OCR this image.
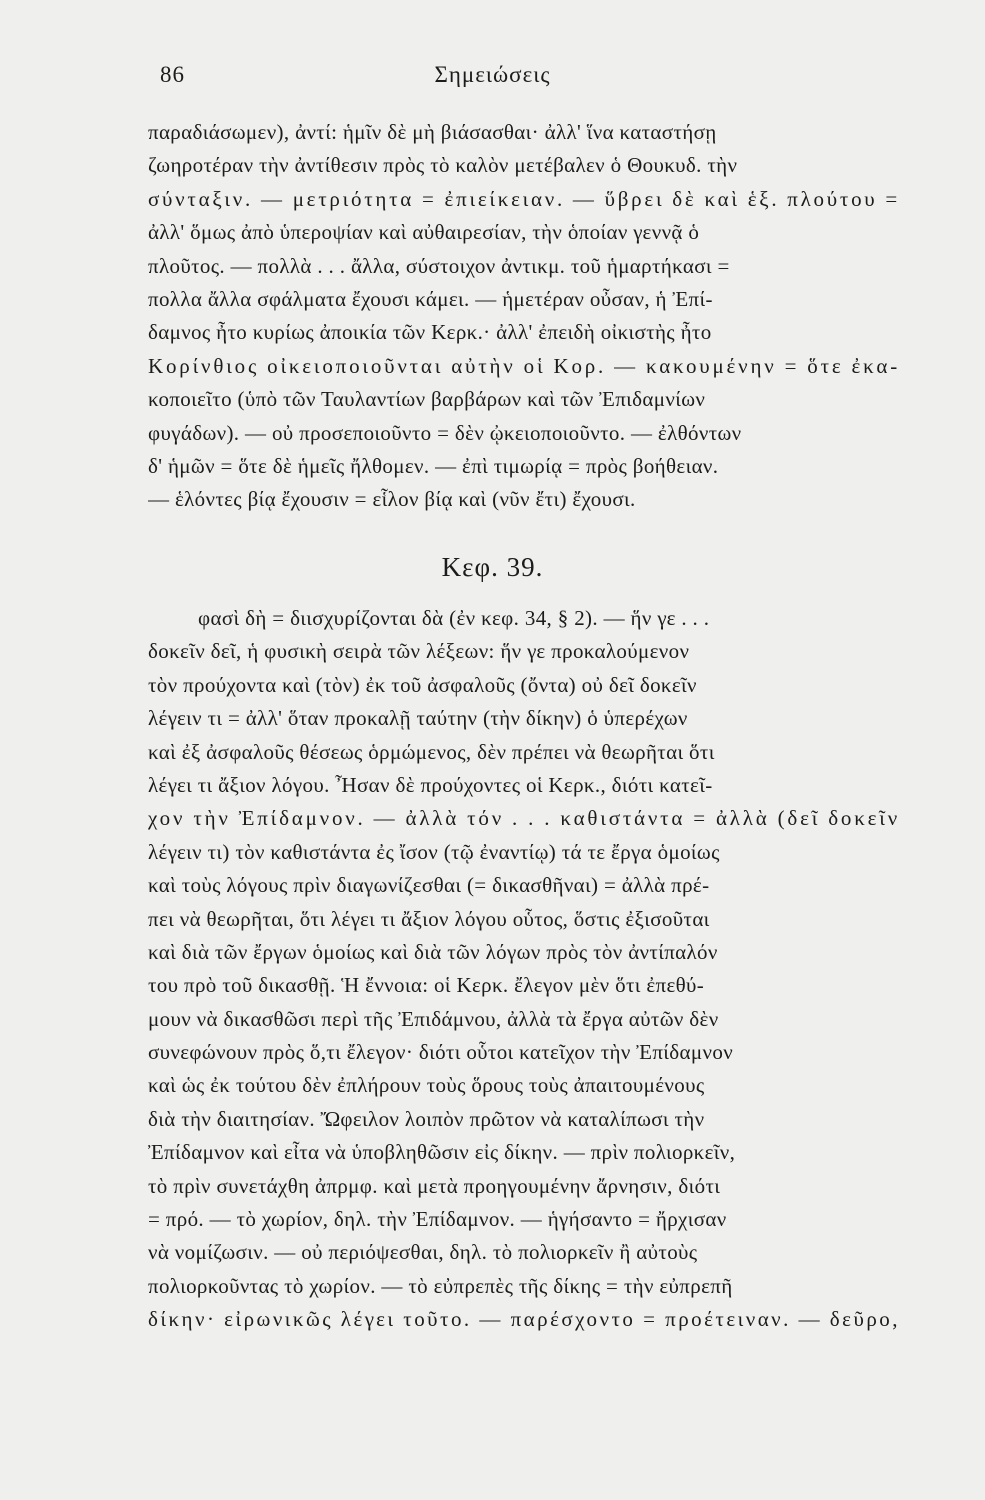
86	Σημειώσεις
παραδιάσωμεν), ἀντί: ἡμῖν δὲ μὴ βιάσασθαι· ἀλλ' ἵνα καταστήσῃ
ζωηροτέραν τὴν ἀντίθεσιν πρὸς τὸ καλὸν μετέβαλεν ὁ Θουκυδ. τὴν
σύνταξιν. — μετριότητα = ἐπιείκειαν. — ὕβρει δὲ καὶ ἑξ. πλούτου =
ἀλλ' ὅμως ἀπὸ ὑπεροψίαν καὶ αὐθαιρεσίαν, τὴν ὁποίαν γεννᾷ ὁ
πλοῦτος. — πολλὰ . . . ἄλλα, σύστοιχον ἀντικμ. τοῦ ἡμαρτήκασι =
πολλα ἄλλα σφάλματα ἔχουσι κάμει. — ἡμετέραν οὖσαν, ἡ Ἐπί-
δαμνος ἦτο κυρίως ἀποικία τῶν Κερκ.· ἀλλ' ἐπειδὴ οἰκιστὴς ἦτο
Κορίνθιος οἰκειοποιοῦνται αὐτὴν οἱ Κορ. — κακουμένην = ὅτε ἐκα-
κοποιεῖτο (ὑπὸ τῶν Ταυλαντίων βαρβάρων καὶ τῶν Ἐπιδαμνίων
φυγάδων). — οὐ προσεποιοῦντο = δὲν ᾠκειοποιοῦντο. — ἐλθόντων
δ' ἡμῶν = ὅτε δὲ ἡμεῖς ἤλθομεν. — ἐπὶ τιμωρίᾳ = πρὸς βοήθειαν.
— ἑλόντες βίᾳ ἔχουσιν = εἷλον βίᾳ καὶ (νῦν ἔτι) ἔχουσι.
Κεφ. 39.
φασὶ δὴ = διισχυρίζονται δὰ (ἐν κεφ. 34, § 2). — ἥν γε . . .
δοκεῖν δεῖ, ἡ φυσικὴ σειρὰ τῶν λέξεων: ἥν γε προκαλούμενον
τὸν προύχοντα καὶ (τὸν) ἐκ τοῦ ἀσφαλοῦς (ὄντα) οὐ δεῖ δοκεῖν
λέγειν τι = ἀλλ' ὅταν προκαλῇ ταύτην (τὴν δίκην) ὁ ὑπερέχων
καὶ ἐξ ἀσφαλοῦς θέσεως ὁρμώμενος, δὲν πρέπει νὰ θεωρῆται ὅτι
λέγει τι ἄξιον λόγου. Ἦσαν δὲ προύχοντες οἱ Κερκ., διότι κατεῖ-
χον τὴν Ἐπίδαμνον. — ἀλλὰ τόν . . . καθιστάντα = ἀλλὰ (δεῖ δοκεῖν
λέγειν τι) τὸν καθιστάντα ἐς ἴσον (τῷ ἐναντίῳ) τά τε ἔργα ὁμοίως
καὶ τοὺς λόγους πρὶν διαγωνίζεσθαι (= δικασθῆναι) = ἀλλὰ πρέ-
πει νὰ θεωρῆται, ὅτι λέγει τι ἄξιον λόγου οὗτος, ὅστις ἐξισοῦται
καὶ διὰ τῶν ἔργων ὁμοίως καὶ διὰ τῶν λόγων πρὸς τὸν ἀντίπαλόν
του πρὸ τοῦ δικασθῇ. Ἡ ἔννοια: οἱ Κερκ. ἔλεγον μὲν ὅτι ἐπεθύ-
μουν νὰ δικασθῶσι περὶ τῆς Ἐπιδάμνου, ἀλλὰ τὰ ἔργα αὐτῶν δὲν
συνεφώνουν πρὸς ὅ,τι ἔλεγον· διότι οὗτοι κατεῖχον τὴν Ἐπίδαμνον
καὶ ὡς ἐκ τούτου δὲν ἐπλήρουν τοὺς ὅρους τοὺς ἀπαιτουμένους
διὰ τὴν διαιτησίαν. Ὤφειλον λοιπὸν πρῶτον νὰ καταλίπωσι τὴν
Ἐπίδαμνον καὶ εἶτα νὰ ὑποβληθῶσιν εἰς δίκην. — πρὶν πολιορκεῖν,
τὸ πρὶν συνετάχθη ἀπρμφ. καὶ μετὰ προηγουμένην ἄρνησιν, διότι
= πρό. — τὸ χωρίον, δηλ. τὴν Ἐπίδαμνον. — ἡγήσαντο = ἤρχισαν
νὰ νομίζωσιν. — οὐ περιόψεσθαι, δηλ. τὸ πολιορκεῖν ἢ αὐτοὺς
πολιορκοῦντας τὸ χωρίον. — τὸ εὐπρεπὲς τῆς δίκης = τὴν εὐπρεπῆ
δίκην· εἰρωνικῶς λέγει τοῦτο. — παρέσχοντο = προέτειναν. — δεῦρο,
